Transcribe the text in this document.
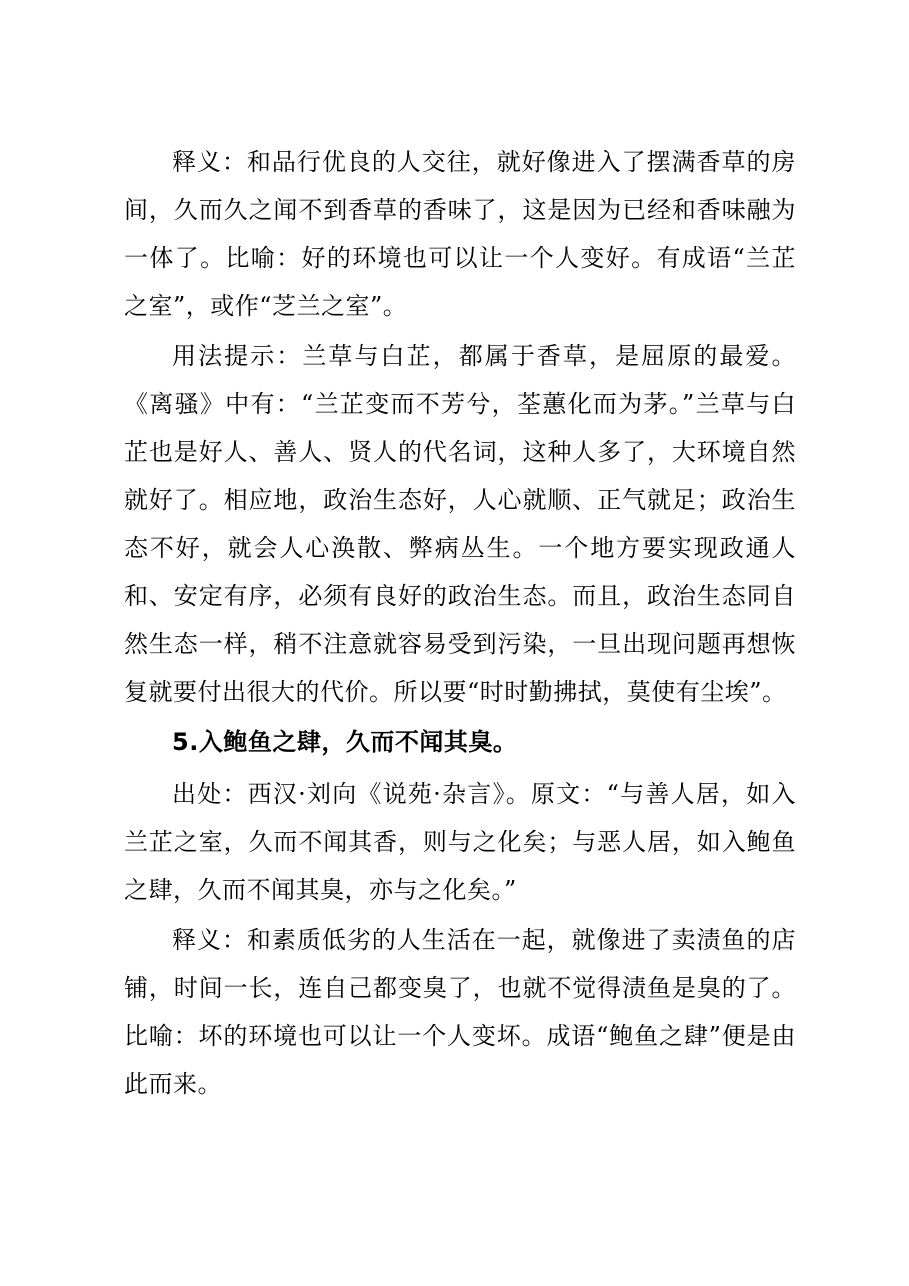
释义：和品行优良的人交往，就好像进入了摆满香草的房间，久而久之闻不到香草的香味了，这是因为已经和香味融为一体了。比喻：好的环境也可以让一个人变好。有成语“兰芷之室”，或作“芝兰之室”。

用法提示：兰草与白芷，都属于香草，是屈原的最爱。《离骚》中有：“兰芷变而不芳兮，荃蕙化而为茅。”兰草与白芷也是好人、善人、贤人的代名词，这种人多了，大环境自然就好了。相应地，政治生态好，人心就顺、正气就足；政治生态不好，就会人心涣散、弊病丛生。一个地方要实现政通人和、安定有序，必须有良好的政治生态。而且，政治生态同自然生态一样，稍不注意就容易受到污染，一旦出现问题再想恢复就要付出很大的代价。所以要“时时勤拂拭，莫使有尘埃”。

5.入鲍鱼之肆，久而不闻其臭。

出处：西汉·刘向《说苑·杂言》。原文：“与善人居，如入兰芷之室，久而不闻其香，则与之化矣；与恶人居，如入鲍鱼之肆，久而不闻其臭，亦与之化矣。”

释义：和素质低劣的人生活在一起，就像进了卖渍鱼的店铺，时间一长，连自己都变臭了，也就不觉得渍鱼是臭的了。比喻：坏的环境也可以让一个人变坏。成语“鲍鱼之肆”便是由此而来。
